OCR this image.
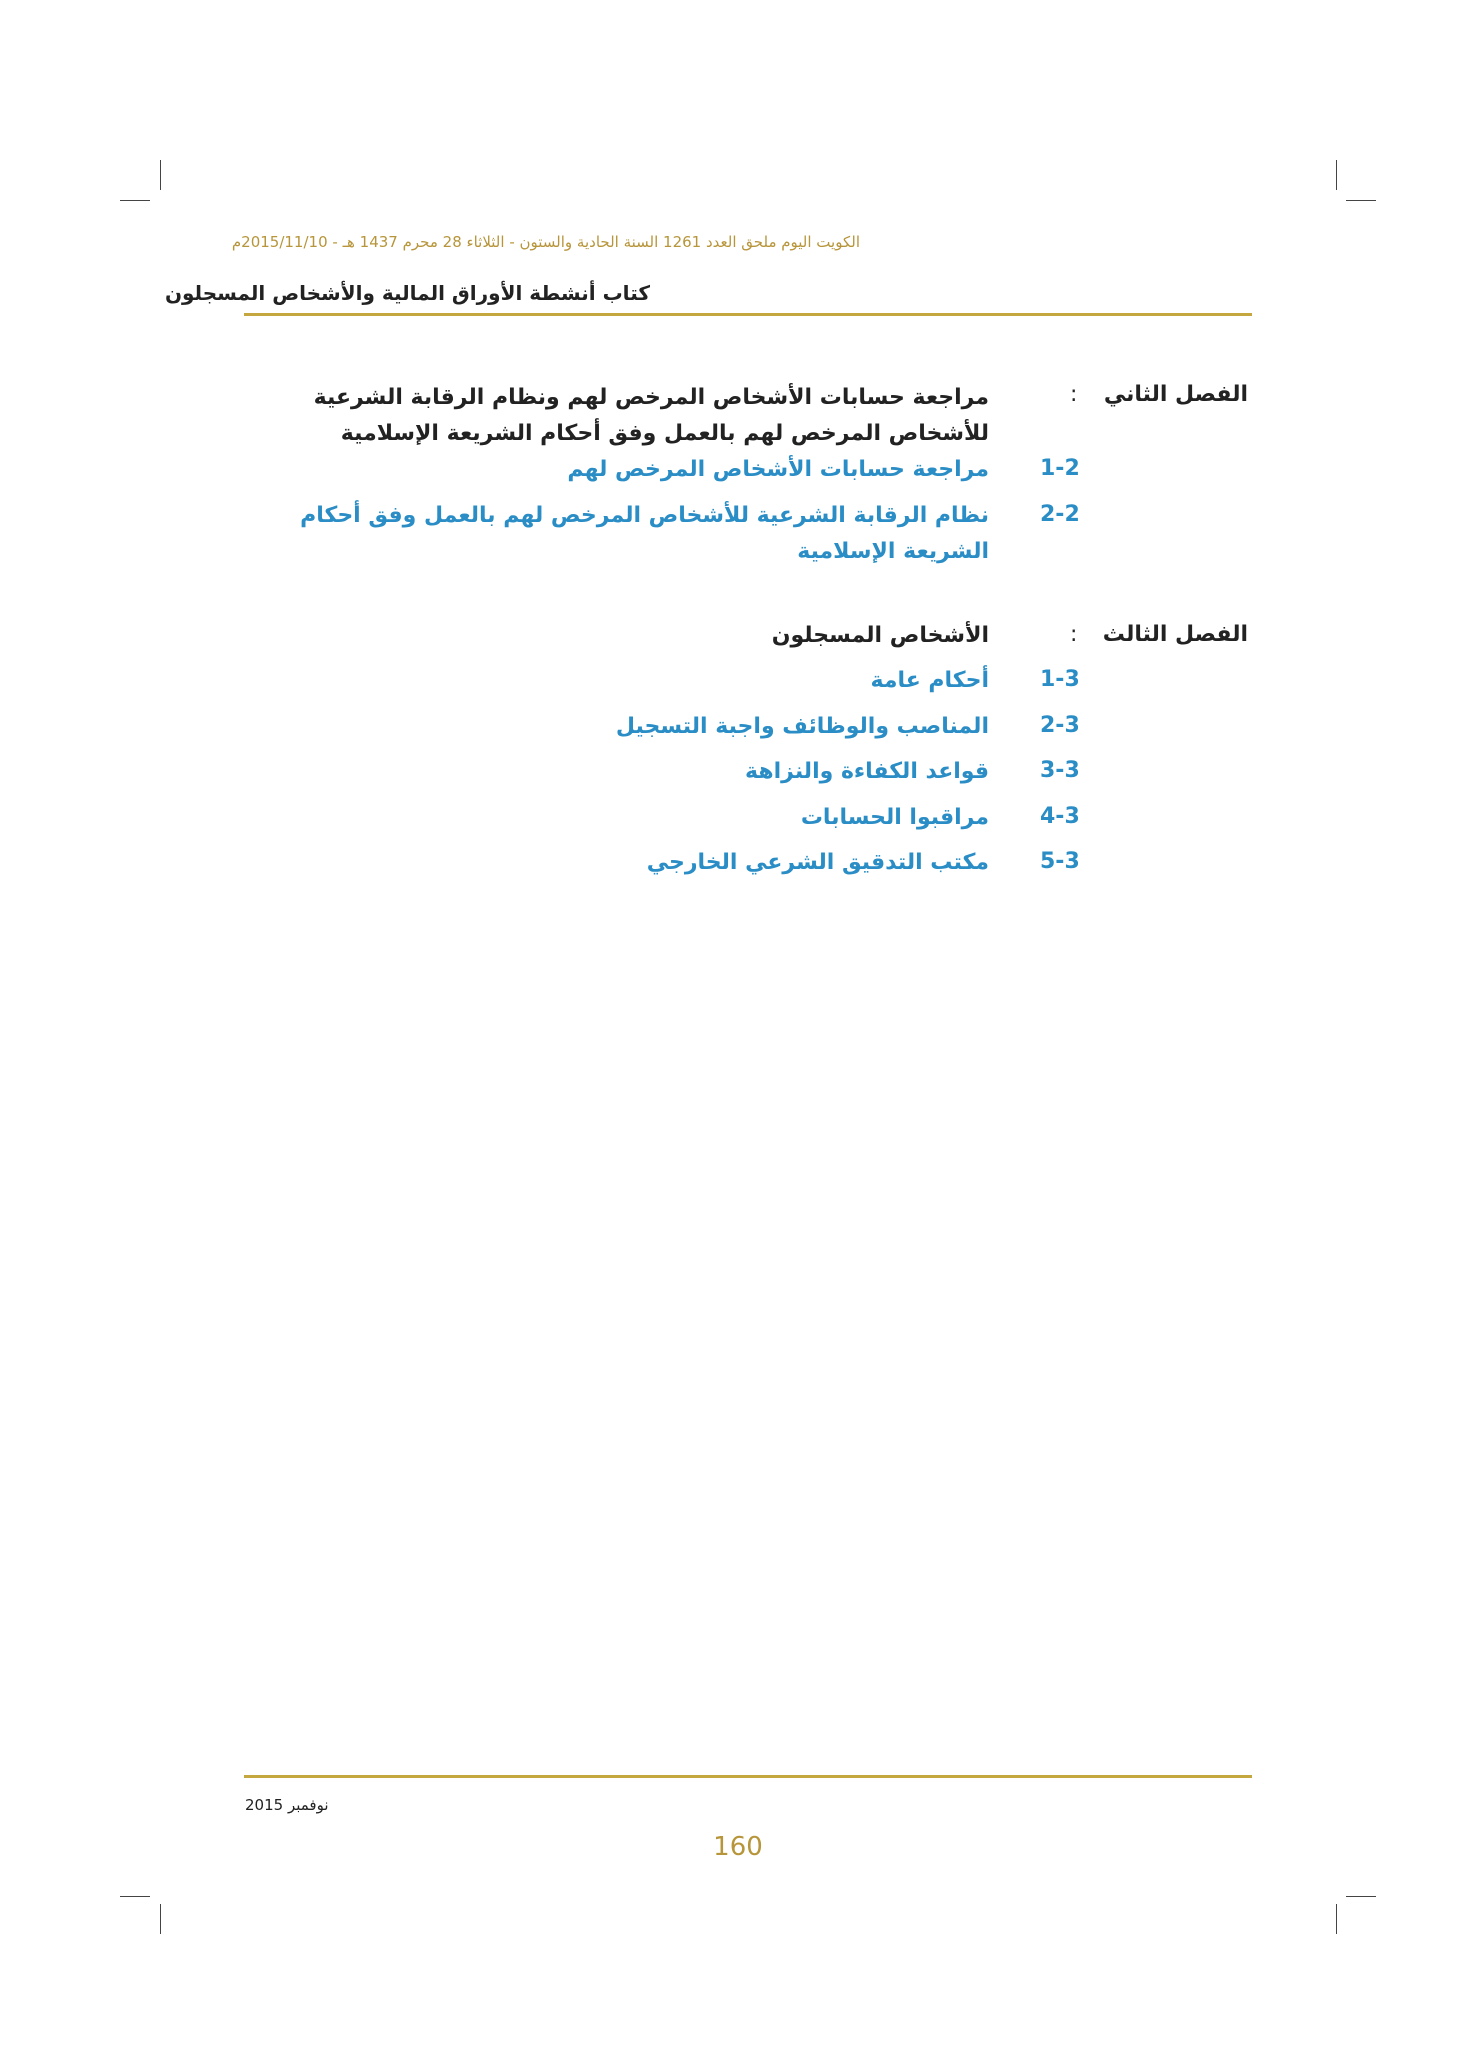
الكويت اليوم ملحق العدد 1261 السنة الحادية والستون - الثلاثاء 28 محرم 1437 هـ - 2015/11/10م
كتاب أنشطة الأوراق المالية والأشخاص المسجلون
الفصل الثاني
:
مراجعة حسابات الأشخاص المرخص لهم ونظام الرقابة الشرعية للأشخاص المرخص لهم بالعمل وفق أحكام الشريعة الإسلامية
1-2
مراجعة حسابات الأشخاص المرخص لهم
2-2
نظام الرقابة الشرعية للأشخاص المرخص لهم بالعمل وفق أحكام الشريعة الإسلامية
الفصل الثالث
:
الأشخاص المسجلون
1-3
أحكام عامة
2-3
المناصب والوظائف واجبة التسجيل
3-3
قواعد الكفاءة والنزاهة
4-3
مراقبوا الحسابات
5-3
مكتب التدقيق الشرعي الخارجي
نوفمبر 2015
160
